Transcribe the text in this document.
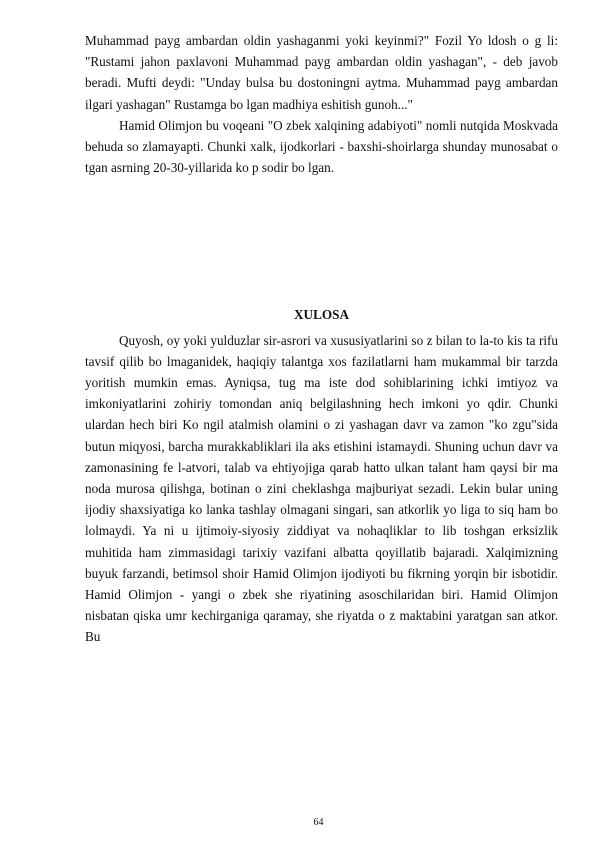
Muhammad payg ambardan oldin yashaganmi yoki keyinmi?" Fozil Yo ldosh o g li: "Rustami jahon paxlavoni Muhammad payg ambardan oldin yashagan", - deb javob beradi. Mufti deydi: "Unday bulsa bu dostoningni aytma. Muhammad payg ambardan ilgari yashagan" Rustamga bo lgan madhiya eshitish gunoh..."

Hamid Olimjon bu voqeani "O zbek xalqining adabiyoti" nomli nutqida Moskvada behuda so zlamayapti. Chunki xalk, ijodkorlari - baxshi-shoirlarga shunday munosabat o tgan asrning 20-30-yillarida ko p sodir bo lgan.

XULOSA

Quyosh, oy yoki yulduzlar sir-asrori va xususiyatlarini so z bilan to la-to kis ta rifu tavsif qilib bo lmaganidek, haqiqiy talantga xos fazilatlarni ham mukammal bir tarzda yoritish mumkin emas. Ayniqsa, tug ma iste dod sohiblarining ichki imtiyoz va imkoniyatlarini zohiriy tomondan aniq belgilashning hech imkoni yo qdir. Chunki ulardan hech biri Ko ngil atalmish olamini o zi yashagan davr va zamon "ko zgu"sida butun miqyosi, barcha murakkabliklari ila aks etishini istamaydi. Shuning uchun davr va zamonasining fe l-atvori, talab va ehtiyojiga qarab hatto ulkan talant ham qaysi bir ma noda murosa qilishga, botinan o zini cheklashga majburiyat sezadi. Lekin bular uning ijodiy shaxsiyatiga ko lanka tashlay olmagani singari, san atkorlik yo liga to siq ham bo lolmaydi. Ya ni u ijtimoiy-siyosiy ziddiyat va nohaqliklar to lib toshgan erksizlik muhitida ham zimmasidagi tarixiy vazifani albatta qoyillatib bajaradi. Xalqimizning buyuk farzandi, betimsol shoir Hamid Olimjon ijodiyoti bu fikrning yorqin bir isbotidir. Hamid Olimjon - yangi o zbek she riyatining asoschilaridan biri. Hamid Olimjon nisbatan qiska umr kechirganiga qaramay, she riyatda o z maktabini yaratgan san atkor. Bu

64
